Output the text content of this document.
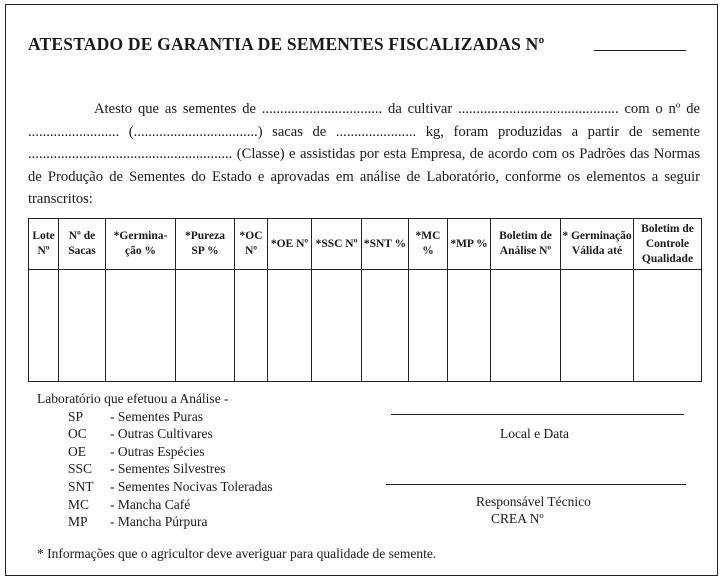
ATESTADO DE GARANTIA DE SEMENTES FISCALIZADAS Nº
Atesto que as sementes de ................................. da cultivar ............................................ com o nº de ......................... (..................................) sacas de ...................... kg, foram produzidas a partir de semente ........................................................ (Classe) e assistidas por esta Empresa, de acordo com os Padrões das Normas de Produção de Sementes do Estado e aprovadas em análise de Laboratório, conforme os elementos a seguir transcritos:
Lote Nº	Nº de Sacas	*Germina-ção %	*Pureza SP %	*OC Nº	*OE Nº	*SSC Nº	*SNT %	*MC %	*MP %	Boletim de Análise Nº	* Germinação Válida até	Boletim de Controle Qualidade

Laboratório que efetuou a Análise -
SP - Sementes Puras
OC - Outras Cultivares
OE - Outras Espécies
SSC - Sementes Silvestres
SNT - Sementes Nocivas Toleradas
MC - Mancha Café
MP - Mancha Púrpura
Local e Data
Responsável Técnico
CREA Nº
* Informações que o agricultor deve averiguar para qualidade de semente.
